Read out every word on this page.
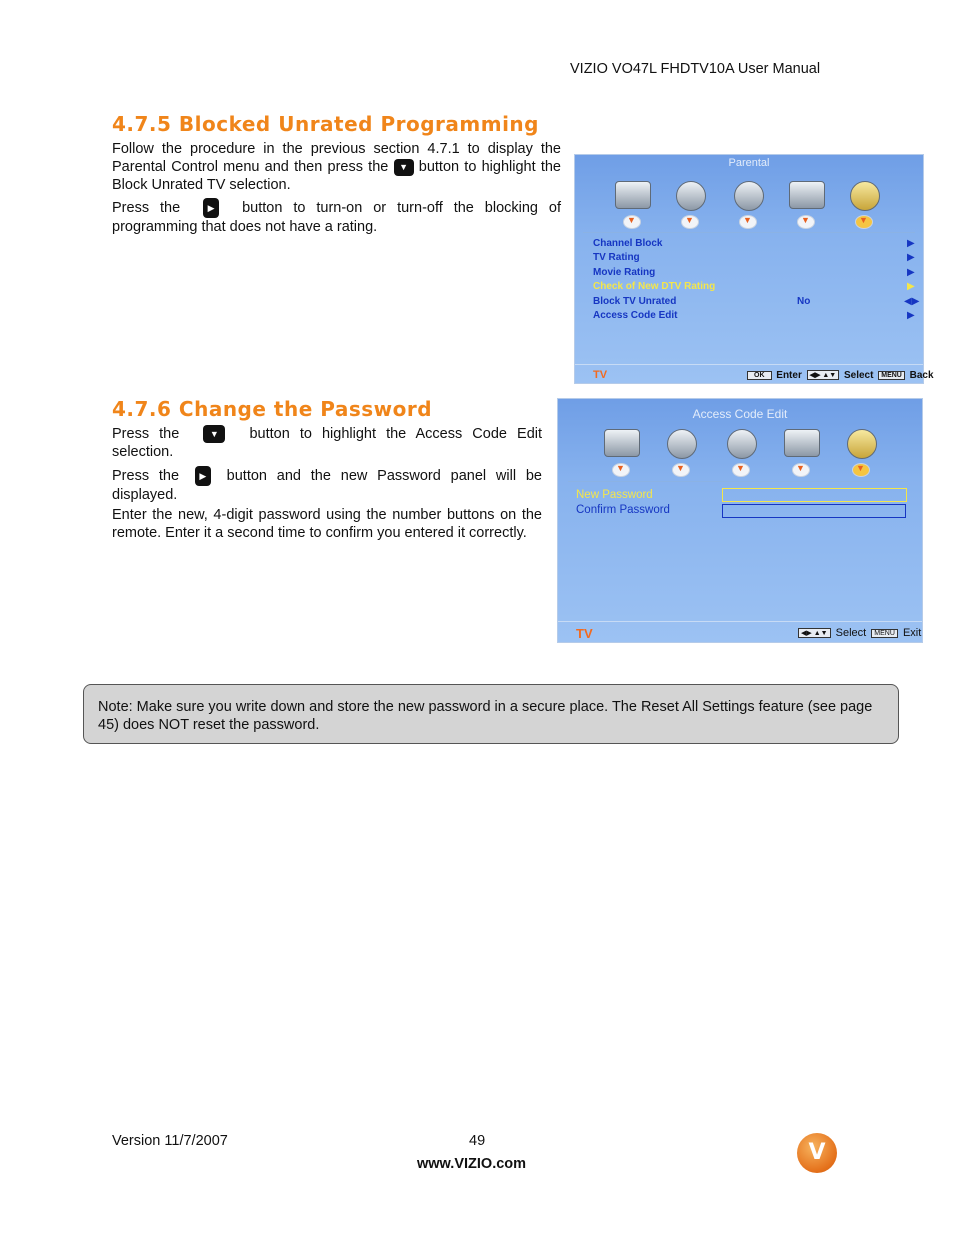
VIZIO VO47L FHDTV10A User Manual
4.7.5 Blocked Unrated Programming
Follow the procedure in the previous section 4.7.1 to display the Parental Control menu and then press the ▼ button to highlight the Block Unrated TV selection.
Press the	▶ button to turn-on or turn-off the blocking of programming that does not have a rating.
Parental
▼
▼
▼
▼
▼
Channel Block	▶
TV Rating	▶
Movie Rating	▶
Check of New DTV Rating	▶
Block TV Unrated	No	◀▶
Access Code Edit	▶
TV	OK Enter ◀▶ ▲▼ Select MENU Back
4.7.6 Change the Password
Press the	▼ button to highlight the Access Code Edit selection.
Press the ▶ button and the new Password panel will be displayed.
Enter the new, 4-digit password using the number buttons on the remote. Enter it a second time to confirm you entered it correctly.
Access Code Edit
▼
▼
▼
▼
▼
New Password
Confirm Password
TV	◀▶ ▲▼ Select MENU Exit
Note: Make sure you write down and store the new password in a secure place. The Reset All Settings feature (see page 45) does NOT reset the password.
Version 11/7/2007	49
www.VIZIO.com	V
